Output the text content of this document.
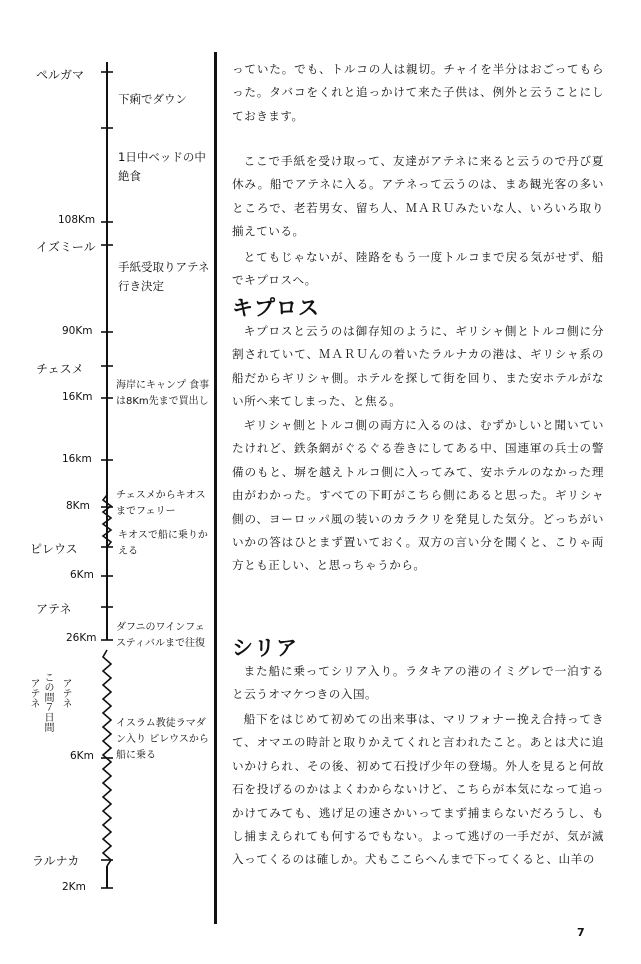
ペルガマ
イズミール
チェスメ
ピレウス
アテネ
ラルナカ
108Km
90Km
16Km
16km
8Km
6Km
26Km
6Km
2Km
下痢でダウン
1日中ベッドの中 絶食
手紙受取りアテネ行き決定
海岸にキャンプ 食事は8Km先まで買出し
チェスメからキオスまでフェリー
キオスで船に乗りかえる
ダフニのワインフェスティバルまで往復
イスラム教徒ラマダン入り ピレウスから船に乗る
アテネ
この間７日間
アテネ

っていた。でも、トルコの人は親切。チャイを半分はおごってもらった。タバコをくれと追っかけて来た子供は、例外と云うことにしておきます。

ここで手紙を受け取って、友達がアテネに来ると云うので丹び夏休み。船でアテネに入る。アテネって云うのは、まあ観光客の多いところで、老若男女、留ち人、ＭＡＲＵみたいな人、いろいろ取り揃えている。

とてもじゃないが、陸路をもう一度トルコまで戻る気がせず、船でキプロスへ。

キプロス

キプロスと云うのは御存知のように、ギリシャ側とトルコ側に分割されていて、ＭＡＲＵんの着いたラルナカの港は、ギリシャ系の船だからギリシャ側。ホテルを探して街を回り、また安ホテルがない所へ来てしまった、と焦る。

ギリシャ側とトルコ側の両方に入るのは、むずかしいと聞いていたけれど、鉄条網がぐるぐる巻きにしてある中、国連軍の兵士の警備のもと、塀を越えトルコ側に入ってみて、安ホテルのなかった理由がわかった。すべての下町がこちら側にあると思った。ギリシャ側の、ヨーロッパ風の装いのカラクリを発見した気分。どっちがいいかの答はひとまず置いておく。双方の言い分を聞くと、こりゃ両方とも正しい、と思っちゃうから。

シリア

また船に乗ってシリア入り。ラタキアの港のイミグレで一泊すると云うオマケつきの入国。

船下をはじめて初めての出来事は、マリフォナー挽え合持ってきて、オマエの時計と取りかえてくれと言われたこと。あとは犬に追いかけられ、その後、初めて石投げ少年の登場。外人を見ると何故石を投げるのかはよくわからないけど、こちらが本気になって追っかけてみても、逃げ足の速さかいってまず捕まらないだろうし、もし捕まえられても何するでもない。よって逃げの一手だが、気が滅入ってくるのは確しか。犬もここらへんまで下ってくると、山羊の

7
